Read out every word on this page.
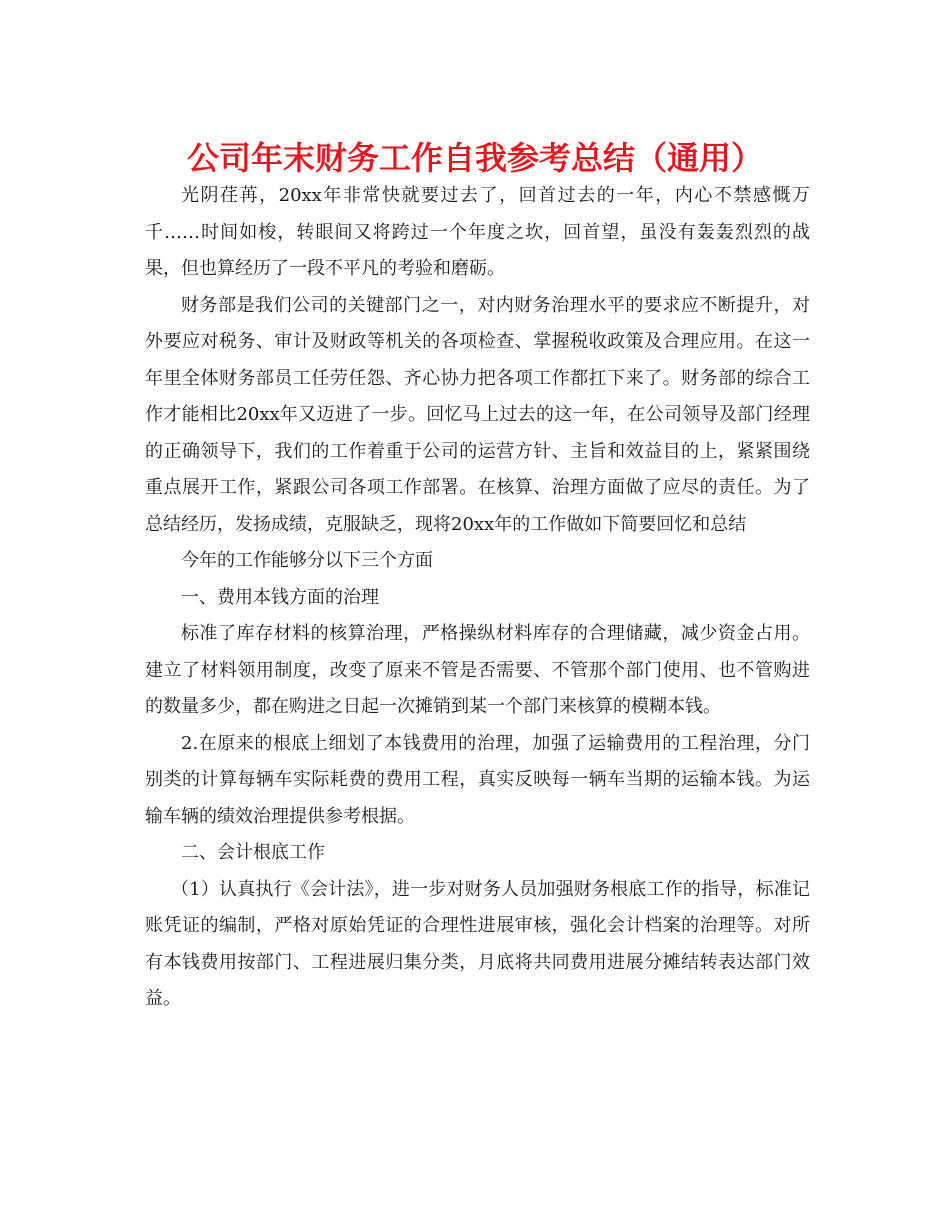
公司年末财务工作自我参考总结（通用）

光阴荏苒，20xx年非常快就要过去了，回首过去的一年，内心不禁感慨万千……时间如梭，转眼间又将跨过一个年度之坎，回首望，虽没有轰轰烈烈的战果，但也算经历了一段不平凡的考验和磨砺。

财务部是我们公司的关键部门之一，对内财务治理水平的要求应不断提升，对外要应对税务、审计及财政等机关的各项检查、掌握税收政策及合理应用。在这一年里全体财务部员工任劳任怨、齐心协力把各项工作都扛下来了。财务部的综合工作才能相比20xx年又迈进了一步。回忆马上过去的这一年，在公司领导及部门经理的正确领导下，我们的工作着重于公司的运营方针、主旨和效益目的上，紧紧围绕重点展开工作，紧跟公司各项工作部署。在核算、治理方面做了应尽的责任。为了总结经历，发扬成绩，克服缺乏，现将20xx年的工作做如下简要回忆和总结

今年的工作能够分以下三个方面

一、费用本钱方面的治理

标准了库存材料的核算治理，严格操纵材料库存的合理储藏，减少资金占用。建立了材料领用制度，改变了原来不管是否需要、不管那个部门使用、也不管购进的数量多少，都在购进之日起一次摊销到某一个部门来核算的模糊本钱。

2.在原来的根底上细划了本钱费用的治理，加强了运输费用的工程治理，分门别类的计算每辆车实际耗费的费用工程，真实反映每一辆车当期的运输本钱。为运输车辆的绩效治理提供参考根据。

二、会计根底工作

（1）认真执行《会计法》，进一步对财务人员加强财务根底工作的指导，标准记账凭证的编制，严格对原始凭证的合理性进展审核，强化会计档案的治理等。对所有本钱费用按部门、工程进展归集分类，月底将共同费用进展分摊结转表达部门效益。
